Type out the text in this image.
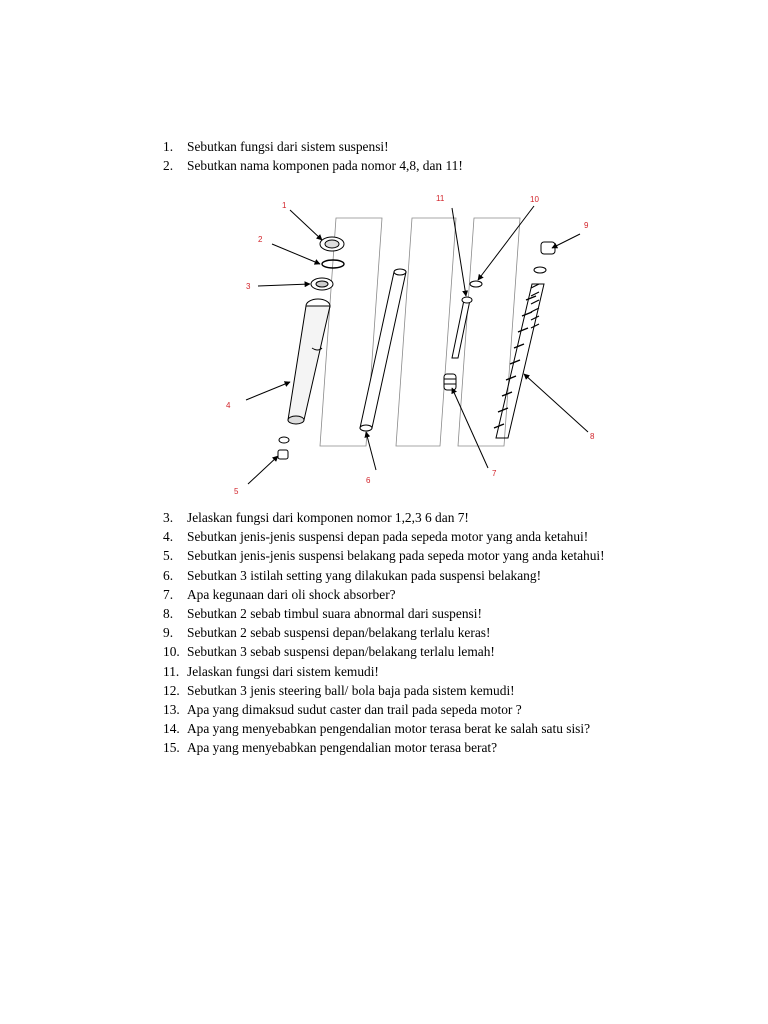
1.	Sebutkan fungsi dari sistem suspensi!
2.	Sebutkan nama komponen pada nomor 4,8, dan 11!
1
2
3
4
5
6
7
8
9
10
11
3.	Jelaskan fungsi dari komponen nomor 1,2,3 6 dan 7!
4.	Sebutkan jenis-jenis suspensi depan pada sepeda motor yang anda ketahui!
5.	Sebutkan jenis-jenis suspensi belakang pada sepeda motor yang anda ketahui!
6.	Sebutkan 3 istilah setting yang dilakukan pada suspensi belakang!
7.	Apa kegunaan dari oli shock absorber?
8.	Sebutkan 2 sebab timbul suara abnormal dari suspensi!
9.	Sebutkan 2 sebab suspensi depan/belakang terlalu keras!
10. Sebutkan 3 sebab suspensi depan/belakang terlalu lemah!
11. Jelaskan fungsi dari sistem kemudi!
12. Sebutkan 3 jenis steering ball/ bola baja pada sistem kemudi!
13. Apa yang dimaksud sudut caster dan trail pada sepeda motor ?
14. Apa yang menyebabkan pengendalian motor terasa berat ke salah satu sisi?
15. Apa yang menyebabkan pengendalian motor terasa berat?
